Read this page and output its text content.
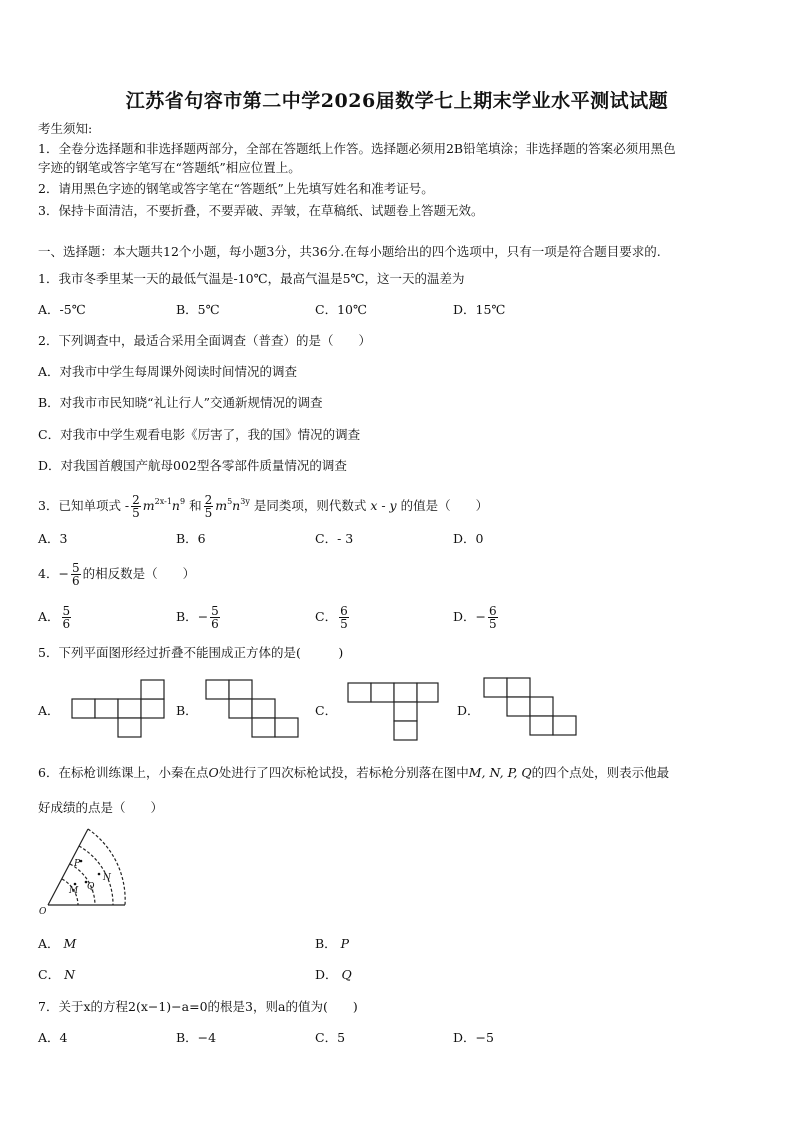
江苏省句容市第二中学2026届数学七上期末学业水平测试试题
考生须知:
1．全卷分选择题和非选择题两部分，全部在答题纸上作答。选择题必须用2B铅笔填涂；非选择题的答案必须用黑色
字迹的钢笔或答字笔写在“答题纸”相应位置上。
2．请用黑色字迹的钢笔或答字笔在“答题纸”上先填写姓名和准考证号。
3．保持卡面清洁，不要折叠，不要弄破、弄皱，在草稿纸、试题卷上答题无效。
一、选择题：本大题共12个小题，每小题3分，共36分.在每小题给出的四个选项中，只有一项是符合题目要求的.
1．我市冬季里某一天的最低气温是-10℃，最高气温是5℃，这一天的温差为
A．-5℃	B．5℃	C．10℃	D．15℃
2．下列调查中，最适合采用全面调查（普查）的是（　　）
A．对我市中学生每周课外阅读时间情况的调查
B．对我市市民知晓“礼让行人”交通新规情况的调查
C．对我市中学生观看电影《厉害了，我的国》情况的调查
D．对我国首艘国产航母002型各零部件质量情况的调查
3．已知单项式 - $\frac{2}{5} m^{2x-1}n^9$ 和 $\frac{2}{5} m^5n^{3y}$ 是同类项，则代数式 x - y 的值是（　　）
A．3	B．6	C．- 3	D．0
4．− $\frac{5}{6}$ 的相反数是（　　）
A． $\frac{5}{6}$	B．− $\frac{5}{6}$	C． $\frac{6}{5}$	D．− $\frac{6}{5}$
5．下列平面图形经过折叠不能围成正方体的是(　　　)
A．	B．	C．	D．
6．在标枪训练课上，小秦在点O处进行了四次标枪试投，若标枪分别落在图中M, N, P, Q的四个点处，则表示他最
好成绩的点是（　　）
O
P
N
M Q
A． M	B． P
C． N	D． Q
7．关于x的方程2(x−1)−a=0的根是3，则a的值为(　　)
A．4	B．−4	C．5	D．−5
